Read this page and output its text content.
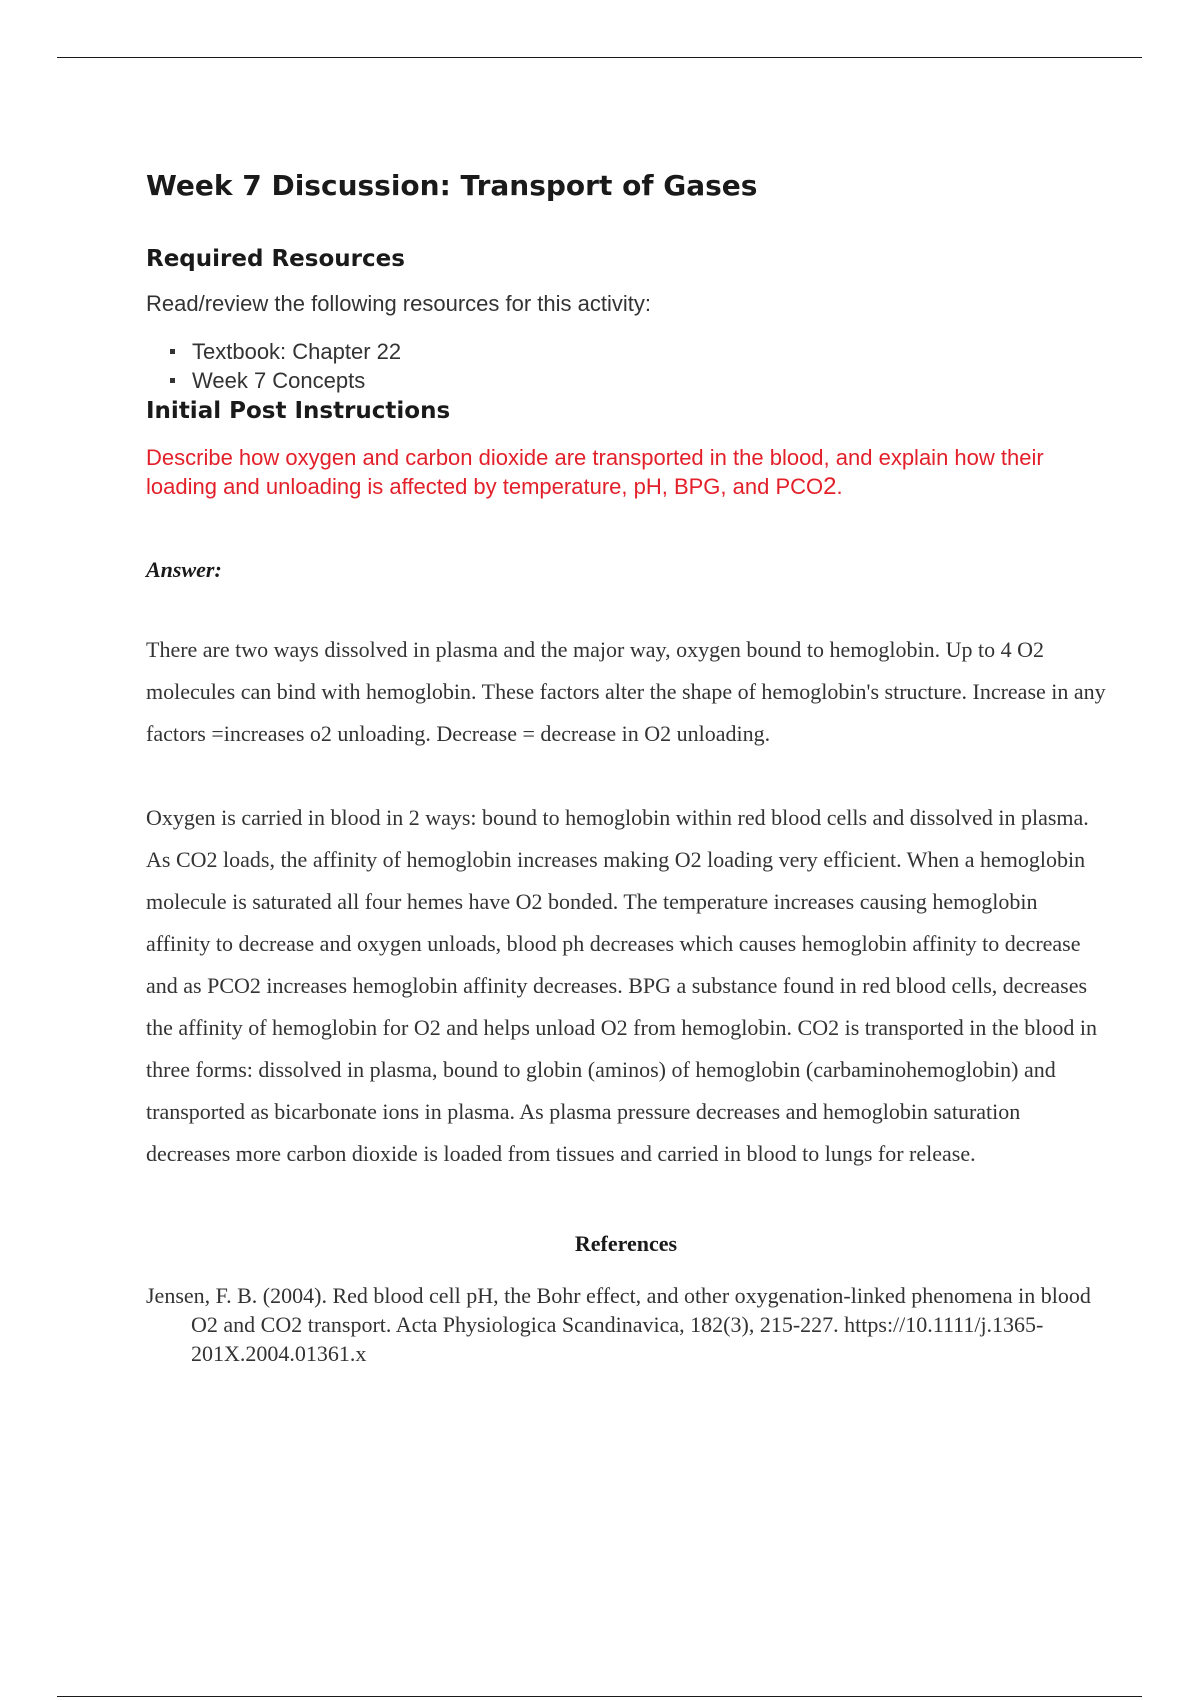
Week 7 Discussion: Transport of Gases
Required Resources

Read/review the following resources for this activity:

Textbook: Chapter 22
Week 7 Concepts
Initial Post Instructions

Describe how oxygen and carbon dioxide are transported in the blood, and explain how their loading and unloading is affected by temperature, pH, BPG, and PCO2.

Answer:

There are two ways dissolved in plasma and the major way, oxygen bound to hemoglobin. Up to 4 O2 molecules can bind with hemoglobin. These factors alter the shape of hemoglobin's structure. Increase in any factors =increases o2 unloading. Decrease = decrease in O2 unloading.

Oxygen is carried in blood in 2 ways: bound to hemoglobin within red blood cells and dissolved in plasma. As CO2 loads, the affinity of hemoglobin increases making O2 loading very efficient. When a hemoglobin molecule is saturated all four hemes have O2 bonded. The temperature increases causing hemoglobin affinity to decrease and oxygen unloads, blood ph decreases which causes hemoglobin affinity to decrease and as PCO2 increases hemoglobin affinity decreases. BPG a substance found in red blood cells, decreases the affinity of hemoglobin for O2 and helps unload O2 from hemoglobin. CO2 is transported in the blood in three forms: dissolved in plasma, bound to globin (aminos) of hemoglobin (carbaminohemoglobin) and transported as bicarbonate ions in plasma. As plasma pressure decreases and hemoglobin saturation decreases more carbon dioxide is loaded from tissues and carried in blood to lungs for release.

References

Jensen, F. B. (2004). Red blood cell pH, the Bohr effect, and other oxygenation-linked phenomena in blood O2 and CO2 transport. Acta Physiologica Scandinavica, 182(3), 215-227. https://10.1111/j.1365-201X.2004.01361.x
